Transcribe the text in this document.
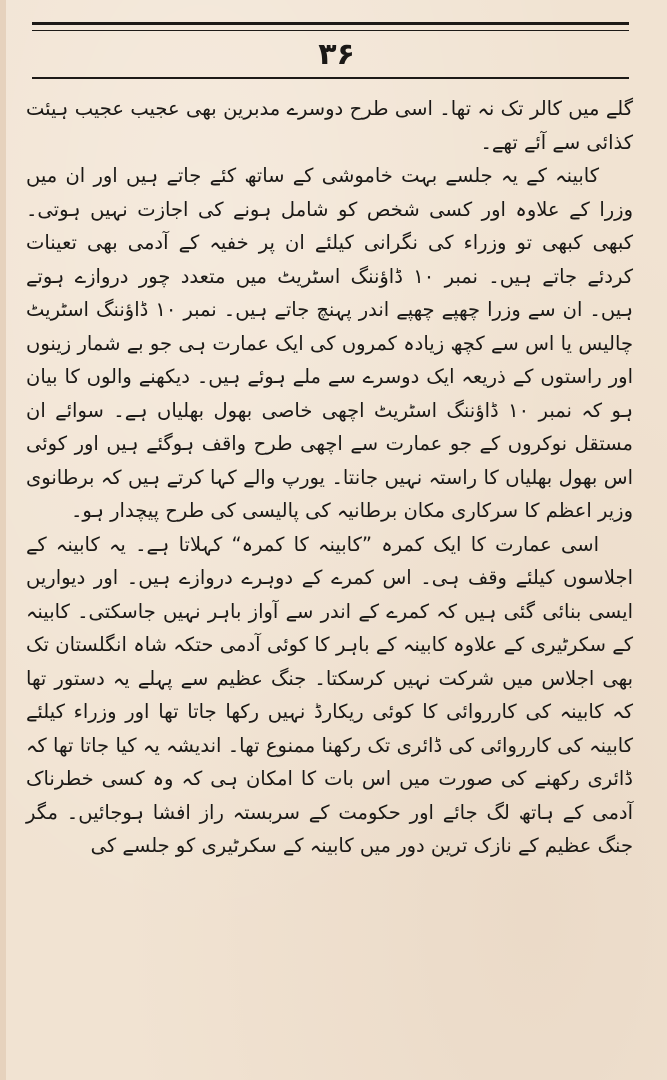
۳۶

گلے میں کالر تک نہ تھا۔ اسی طرح دوسرے مدبرین بھی عجیب عجیب ہیئت کذائی سے آئے تھے۔

کابینہ کے یہ جلسے بہت خاموشی کے ساتھ کئے جاتے ہیں اور ان میں وزرا کے علاوہ اور کسی شخص کو شامل ہونے کی اجازت نہیں ہوتی۔ کبھی کبھی تو وزراء کی نگرانی کیلئے ان پر خفیہ کے آدمی بھی تعینات کردئے جاتے ہیں۔ نمبر ۱۰ ڈاؤننگ اسٹریٹ میں متعدد چور دروازے ہوتے ہیں۔ ان سے وزرا چھپے چھپے اندر پہنچ جاتے ہیں۔ نمبر ۱۰ ڈاؤننگ اسٹریٹ چالیس یا اس سے کچھ زیادہ کمروں کی ایک عمارت ہی جو بے شمار زینوں اور راستوں کے ذریعہ ایک دوسرے سے ملے ہوئے ہیں۔ دیکھنے والوں کا بیان ہو کہ نمبر ۱۰ ڈاؤننگ اسٹریٹ اچھی خاصی بھول بھلیاں ہے۔ سوائے ان مستقل نوکروں کے جو عمارت سے اچھی طرح واقف ہوگئے ہیں اور کوئی اس بھول بھلیاں کا راستہ نہیں جانتا۔ یورپ والے کہا کرتے ہیں کہ برطانوی وزیر اعظم کا سرکاری مکان برطانیہ کی پالیسی کی طرح پیچدار ہو۔

اسی عمارت کا ایک کمرہ ”کابینہ کا کمرہ“ کہلاتا ہے۔ یہ کابینہ کے اجلاسوں کیلئے وقف ہی۔ اس کمرے کے دوہرے دروازے ہیں۔ اور دیواریں ایسی بنائی گئی ہیں کہ کمرے کے اندر سے آواز باہر نہیں جاسکتی۔ کابینہ کے سکرٹیری کے علاوہ کابینہ کے باہر کا کوئی آدمی حتکہ شاہ انگلستان تک بھی اجلاس میں شرکت نہیں کرسکتا۔ جنگ عظیم سے پہلے یہ دستور تھا کہ کابینہ کی کارروائی کا کوئی ریکارڈ نہیں رکھا جاتا تھا اور وزراء کیلئے کابینہ کی کارروائی کی ڈائری تک رکھنا ممنوع تھا۔ اندیشہ یہ کیا جاتا تھا کہ ڈائری رکھنے کی صورت میں اس بات کا امکان ہی کہ وہ کسی خطرناک آدمی کے ہاتھ لگ جائے اور حکومت کے سربستہ راز افشا ہوجائیں۔ مگر جنگ عظیم کے نازک ترین دور میں کابینہ کے سکرٹیری کو جلسے کی
